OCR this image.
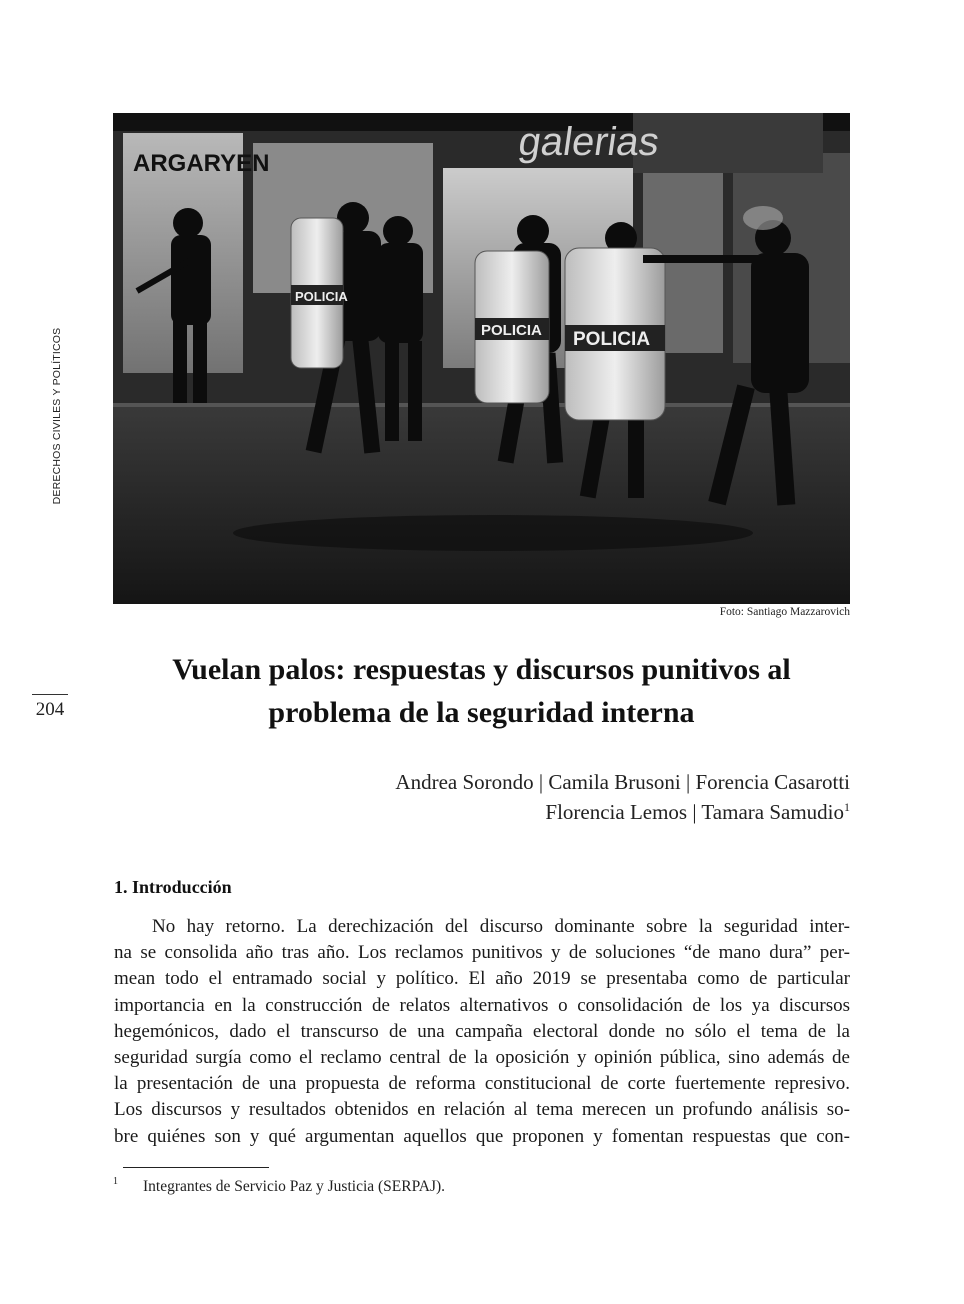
DERECHOS CIVILES Y POLÍTICOS
204
ARGARYEN	galerias
POLICIA
POLICIA POLICIA
Foto: Santiago Mazzarovich
Vuelan palos: respuestas y discursos punitivos al
problema de la seguridad interna
Andrea Sorondo | Camila Brusoni | Forencia Casarotti
Florencia Lemos | Tamara Samudio$^1$
1. Introducción
No hay retorno. La derechización del discurso dominante sobre la seguridad inter-
na se consolida año tras año. Los reclamos punitivos y de soluciones “de mano dura” per-
mean todo el entramado social y político. El año 2019 se presentaba como de particular
importancia en la construcción de relatos alternativos o consolidación de los ya discursos
hegemónicos, dado el transcurso de una campaña electoral donde no sólo el tema de la
seguridad surgía como el reclamo central de la oposición y opinión pública, sino además de
la presentación de una propuesta de reforma constitucional de corte fuertemente represivo.
Los discursos y resultados obtenidos en relación al tema merecen un profundo análisis so-
bre quiénes son y qué argumentan aquellos que proponen y fomentan respuestas que con-
1 Integrantes de Servicio Paz y Justicia (SERPAJ).
